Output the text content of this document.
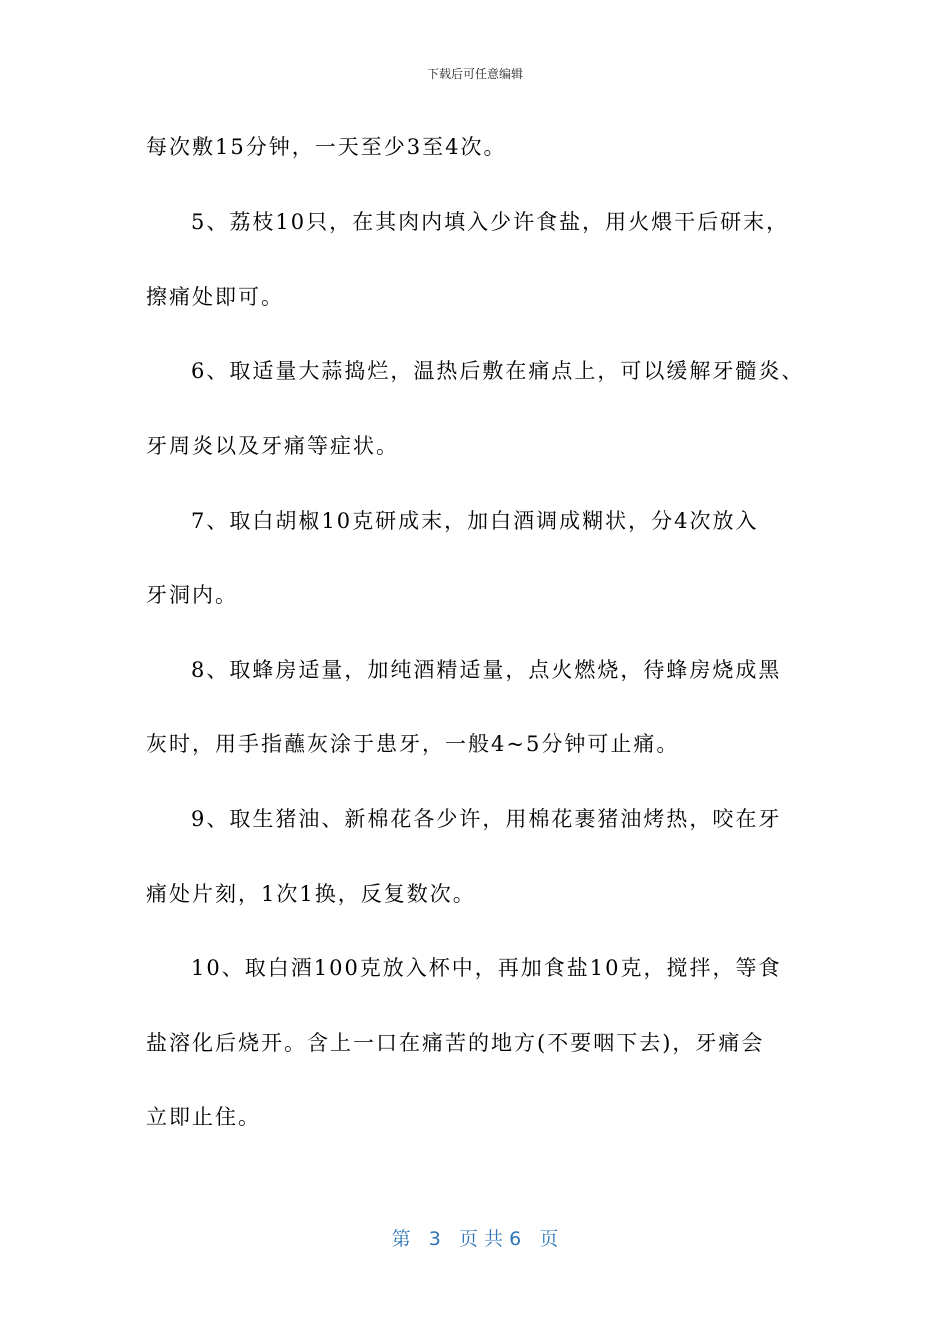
下载后可任意编辑
每次敷15分钟，一天至少3至4次。
5、荔枝10只，在其肉内填入少许食盐，用火煨干后研末，
擦痛处即可。
6、取适量大蒜捣烂，温热后敷在痛点上，可以缓解牙髓炎、
牙周炎以及牙痛等症状。
7、取白胡椒10克研成末，加白酒调成糊状，分4次放入
牙洞内。
8、取蜂房适量，加纯酒精适量，点火燃烧，待蜂房烧成黑
灰时，用手指蘸灰涂于患牙，一般4~5分钟可止痛。
9、取生猪油、新棉花各少许，用棉花裹猪油烤热，咬在牙
痛处片刻，1次1换，反复数次。
10、取白酒100克放入杯中，再加食盐10克，搅拌，等食
盐溶化后烧开。含上一口在痛苦的地方(不要咽下去)，牙痛会
立即止住。
第 3 页 共 6 页
